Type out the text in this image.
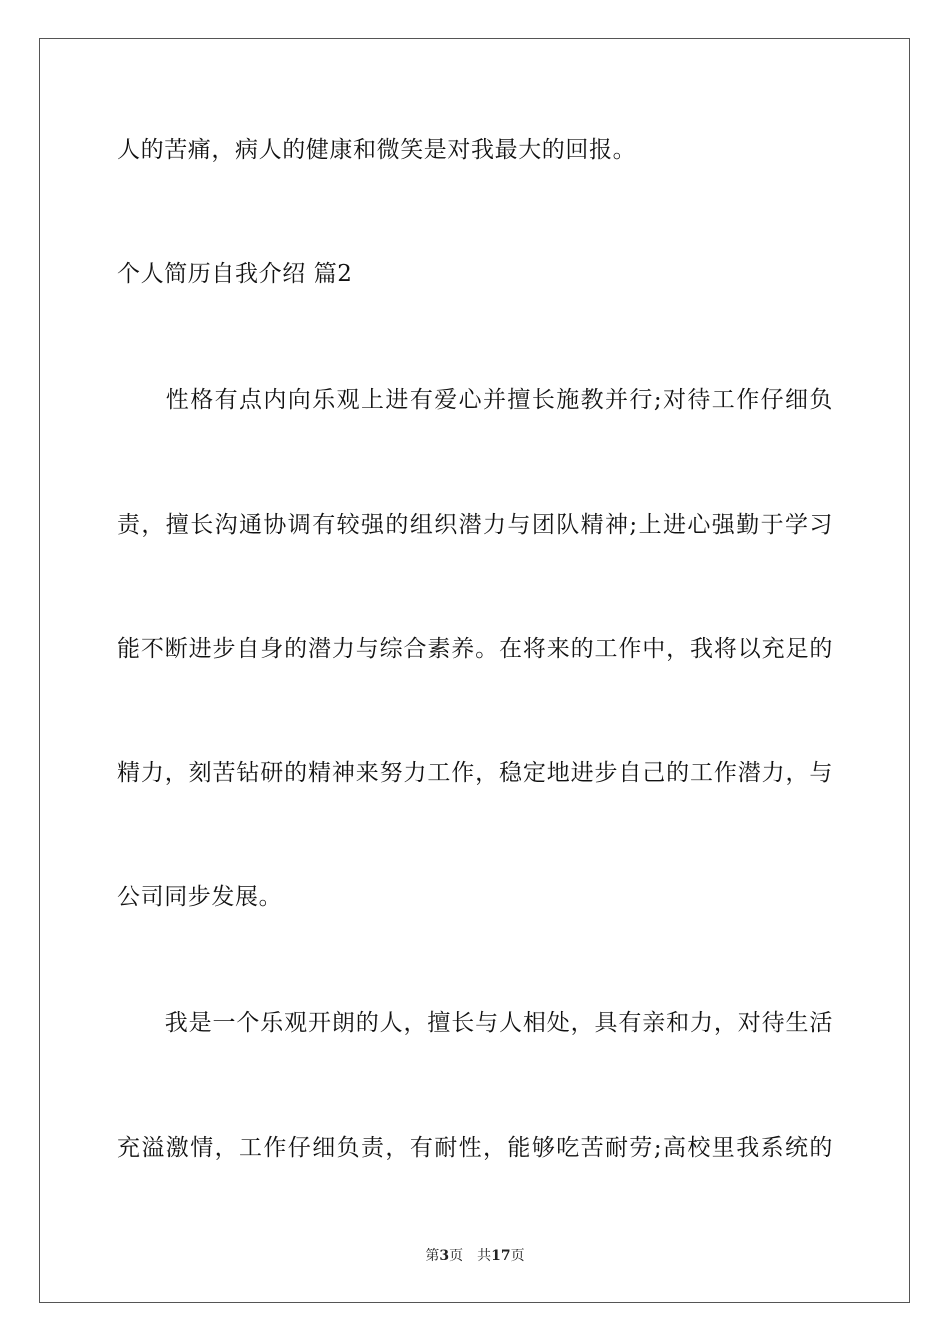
人的苦痛，病人的健康和微笑是对我最大的回报。
个人简历自我介绍 篇2
　　性格有点内向乐观上进有爱心并擅长施教并行;对待工作仔细负
责，擅长沟通协调有较强的组织潜力与团队精神;上进心强勤于学习
能不断进步自身的潜力与综合素养。在将来的工作中，我将以充足的
精力，刻苦钻研的精神来努力工作，稳定地进步自己的工作潜力，与
公司同步发展。
　　我是一个乐观开朗的人，擅长与人相处，具有亲和力，对待生活
充溢激情，工作仔细负责，有耐性，能够吃苦耐劳;高校里我系统的
第3页 共17页
